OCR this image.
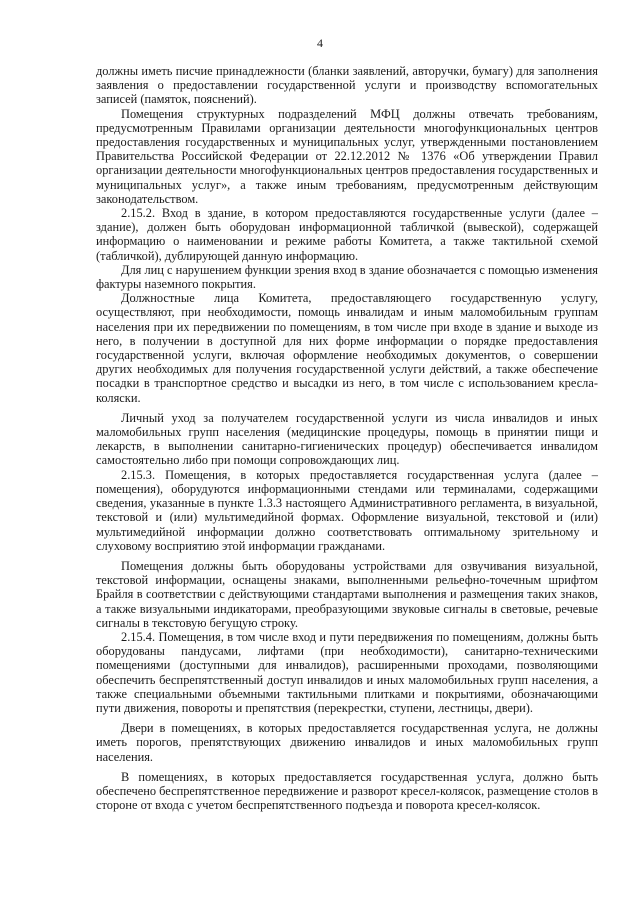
4

должны иметь писчие принадлежности (бланки заявлений, авторучки, бумагу) для заполнения заявления о предоставлении государственной услуги и производству вспомогательных записей (памяток, пояснений).

Помещения структурных подразделений МФЦ должны отвечать требованиям, предусмотренным Правилами организации деятельности многофункциональных центров предоставления государственных и муниципальных услуг, утвержденными постановлением Правительства Российской Федерации от 22.12.2012 № 1376 «Об утверждении Правил организации деятельности многофункциональных центров предоставления государственных и муниципальных услуг», а также иным требованиям, предусмотренным действующим законодательством.

2.15.2. Вход в здание, в котором предоставляются государственные услуги (далее – здание), должен быть оборудован информационной табличкой (вывеской), содержащей информацию о наименовании и режиме работы Комитета, а также тактильной схемой (табличкой), дублирующей данную информацию.

Для лиц с нарушением функции зрения вход в здание обозначается с помощью изменения фактуры наземного покрытия.

Должностные лица Комитета, предоставляющего государственную услугу, осуществляют, при необходимости, помощь инвалидам и иным маломобильным группам населения при их передвижении по помещениям, в том числе при входе в здание и выходе из него, в получении в доступной для них форме информации о порядке предоставления государственной услуги, включая оформление необходимых документов, о совершении других необходимых для получения государственной услуги действий, а также обеспечение посадки в транспортное средство и высадки из него, в том числе с использованием кресла-коляски.

Личный уход за получателем государственной услуги из числа инвалидов и иных маломобильных групп населения (медицинские процедуры, помощь в принятии пищи и лекарств, в выполнении санитарно-гигиенических процедур) обеспечивается инвалидом самостоятельно либо при помощи сопровождающих лиц.

2.15.3. Помещения, в которых предоставляется государственная услуга (далее – помещения), оборудуются информационными стендами или терминалами, содержащими сведения, указанные в пункте 1.3.3 настоящего Административного регламента, в визуальной, текстовой и (или) мультимедийной формах. Оформление визуальной, текстовой и (или) мультимедийной информации должно соответствовать оптимальному зрительному и слуховому восприятию этой информации гражданами.

Помещения должны быть оборудованы устройствами для озвучивания визуальной, текстовой информации, оснащены знаками, выполненными рельефно-точечным шрифтом Брайля в соответствии с действующими стандартами выполнения и размещения таких знаков, а также визуальными индикаторами, преобразующими звуковые сигналы в световые, речевые сигналы в текстовую бегущую строку.

2.15.4. Помещения, в том числе вход и пути передвижения по помещениям, должны быть оборудованы пандусами, лифтами (при необходимости), санитарно-техническими помещениями (доступными для инвалидов), расширенными проходами, позволяющими обеспечить беспрепятственный доступ инвалидов и иных маломобильных групп населения, а также специальными объемными тактильными плитками и покрытиями, обозначающими пути движения, повороты и препятствия (перекрестки, ступени, лестницы, двери).

Двери в помещениях, в которых предоставляется государственная услуга, не должны иметь порогов, препятствующих движению инвалидов и иных маломобильных групп населения.

В помещениях, в которых предоставляется государственная услуга, должно быть обеспечено беспрепятственное передвижение и разворот кресел-колясок, размещение столов в стороне от входа с учетом беспрепятственного подъезда и поворота кресел-колясок.
